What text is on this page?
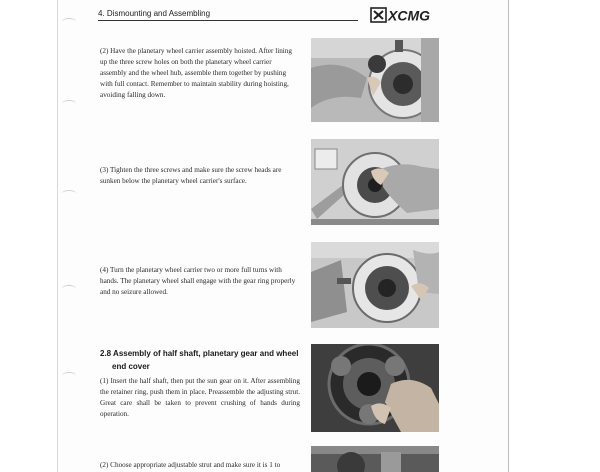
4. Dismounting and Assembling	XCMG

(2) Have the planetary wheel carrier assembly hoisted. After lining up the three screw holes on both the planetary wheel carrier assembly and the wheel hub, assemble them together by pushing with full contact. Remember to maintain stability during hoisting, avoiding falling down.

(3) Tighten the three screws and make sure the screw heads are sunken below the planetary wheel carrier's surface.

(4) Turn the planetary wheel carrier two or more full turns with hands. The planetary wheel shall engage with the gear ring properly and no seizure allowed.

2.8 Assembly of half shaft, planetary gear and wheel
end cover

(1) Insert the half shaft, then put the sun gear on it. After assembling the retainer ring, push them in place. Preassemble the adjusting strut. Great care shall be taken to prevent crushing of hands during operation.

(2) Choose appropriate adjustable strut and make sure it is 1 to
